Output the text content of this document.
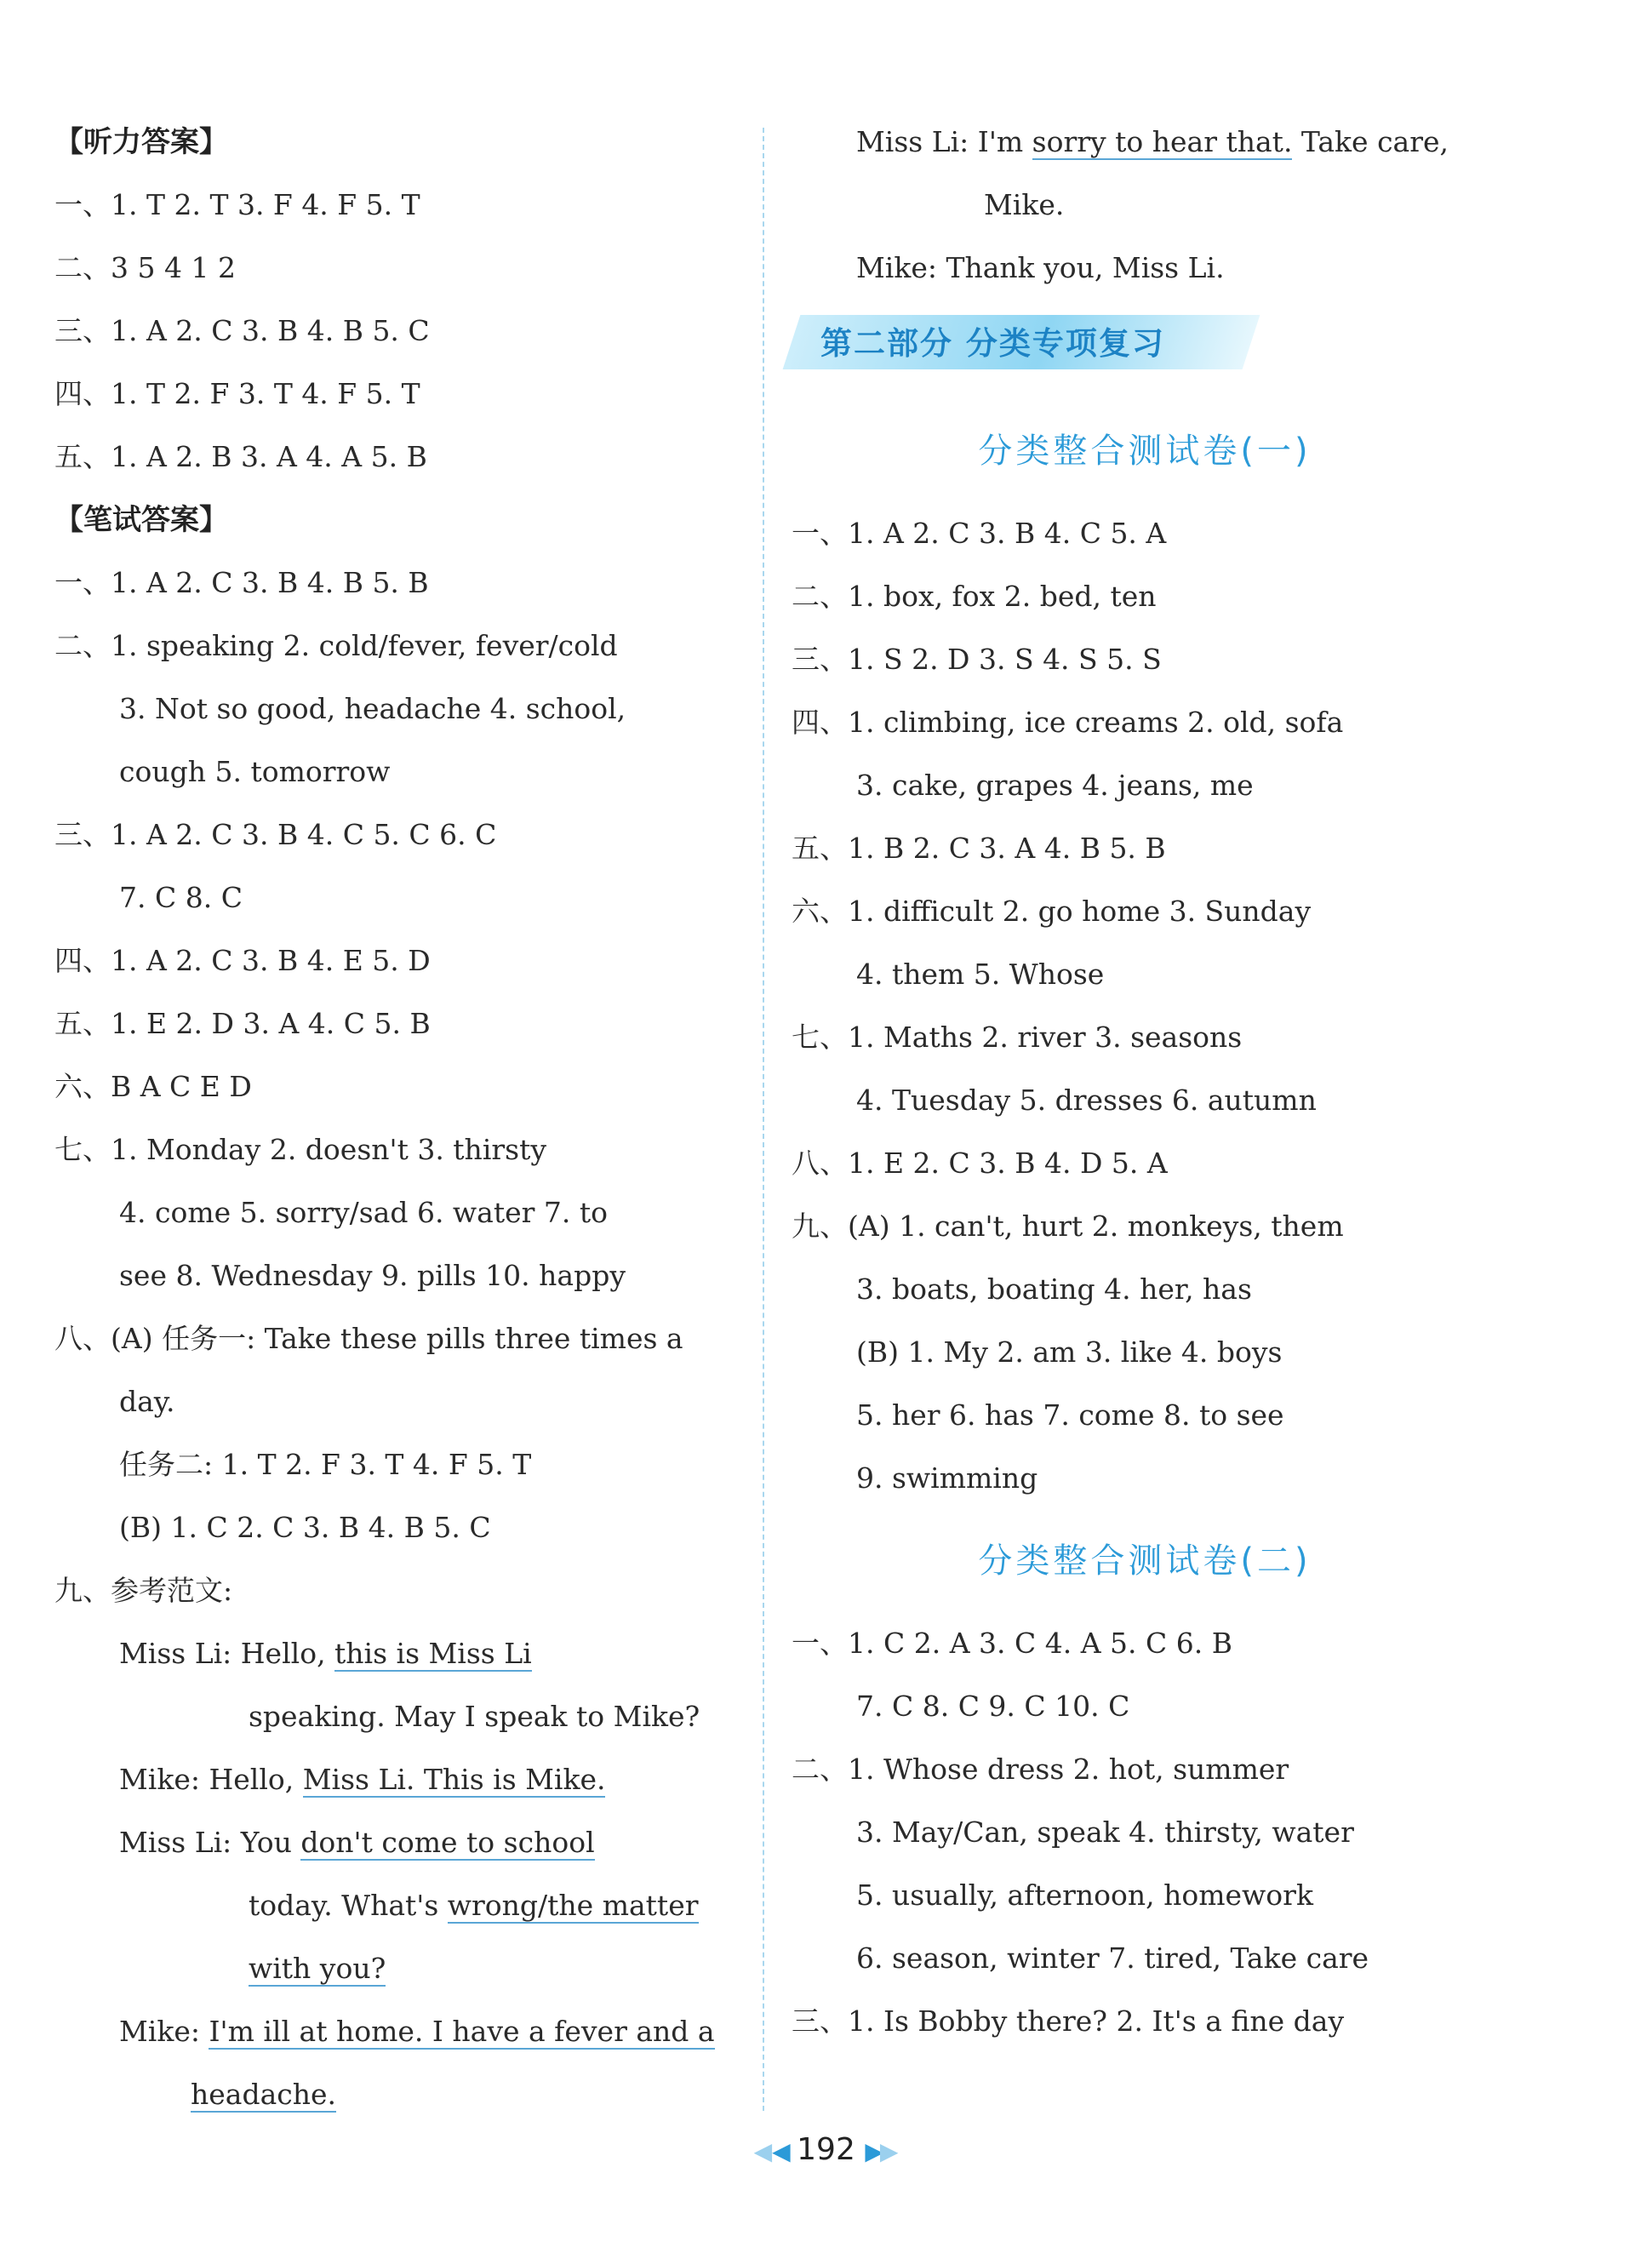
【听力答案】
一、1. T 2. T 3. F 4. F 5. T
二、3 5 4 1 2
三、1. A 2. C 3. B 4. B 5. C
四、1. T 2. F 3. T 4. F 5. T
五、1. A 2. B 3. A 4. A 5. B
【笔试答案】
一、1. A 2. C 3. B 4. B 5. B
二、1. speaking 2. cold/fever, fever/cold
3. Not so good, headache 4. school,
cough 5. tomorrow
三、1. A 2. C 3. B 4. C 5. C 6. C
7. C 8. C
四、1. A 2. C 3. B 4. E 5. D
五、1. E 2. D 3. A 4. C 5. B
六、B A C E D
七、1. Monday 2. doesn't 3. thirsty
4. come 5. sorry/sad 6. water 7. to
see 8. Wednesday 9. pills 10. happy
八、(A) 任务一: Take these pills three times a
day.
任务二: 1. T 2. F 3. T 4. F 5. T
(B) 1. C 2. C 3. B 4. B 5. C
九、参考范文:
Miss Li: Hello, this is Miss Li
speaking. May I speak to Mike?
Mike: Hello, Miss Li. This is Mike.
Miss Li: You don't come to school
today. What's wrong/the matter
with you?
Mike: I'm ill at home. I have a fever and a
headache.
Miss Li: I'm sorry to hear that. Take care,
Mike.
Mike: Thank you, Miss Li.
第二部分 分类专项复习
分类整合测试卷(一)
一、1. A 2. C 3. B 4. C 5. A
二、1. box, fox 2. bed, ten
三、1. S 2. D 3. S 4. S 5. S
四、1. climbing, ice creams 2. old, sofa
3. cake, grapes 4. jeans, me
五、1. B 2. C 3. A 4. B 5. B
六、1. difficult 2. go home 3. Sunday
4. them 5. Whose
七、1. Maths 2. river 3. seasons
4. Tuesday 5. dresses 6. autumn
八、1. E 2. C 3. B 4. D 5. A
九、(A) 1. can't, hurt 2. monkeys, them
3. boats, boating 4. her, has
(B) 1. My 2. am 3. like 4. boys
5. her 6. has 7. come 8. to see
9. swimming
分类整合测试卷(二)
一、1. C 2. A 3. C 4. A 5. C 6. B
7. C 8. C 9. C 10. C
二、1. Whose dress 2. hot, summer
3. May/Can, speak 4. thirsty, water
5. usually, afternoon, homework
6. season, winter 7. tired, Take care
三、1. Is Bobby there? 2. It's a fine day
◀◀ 192 ▶▶
